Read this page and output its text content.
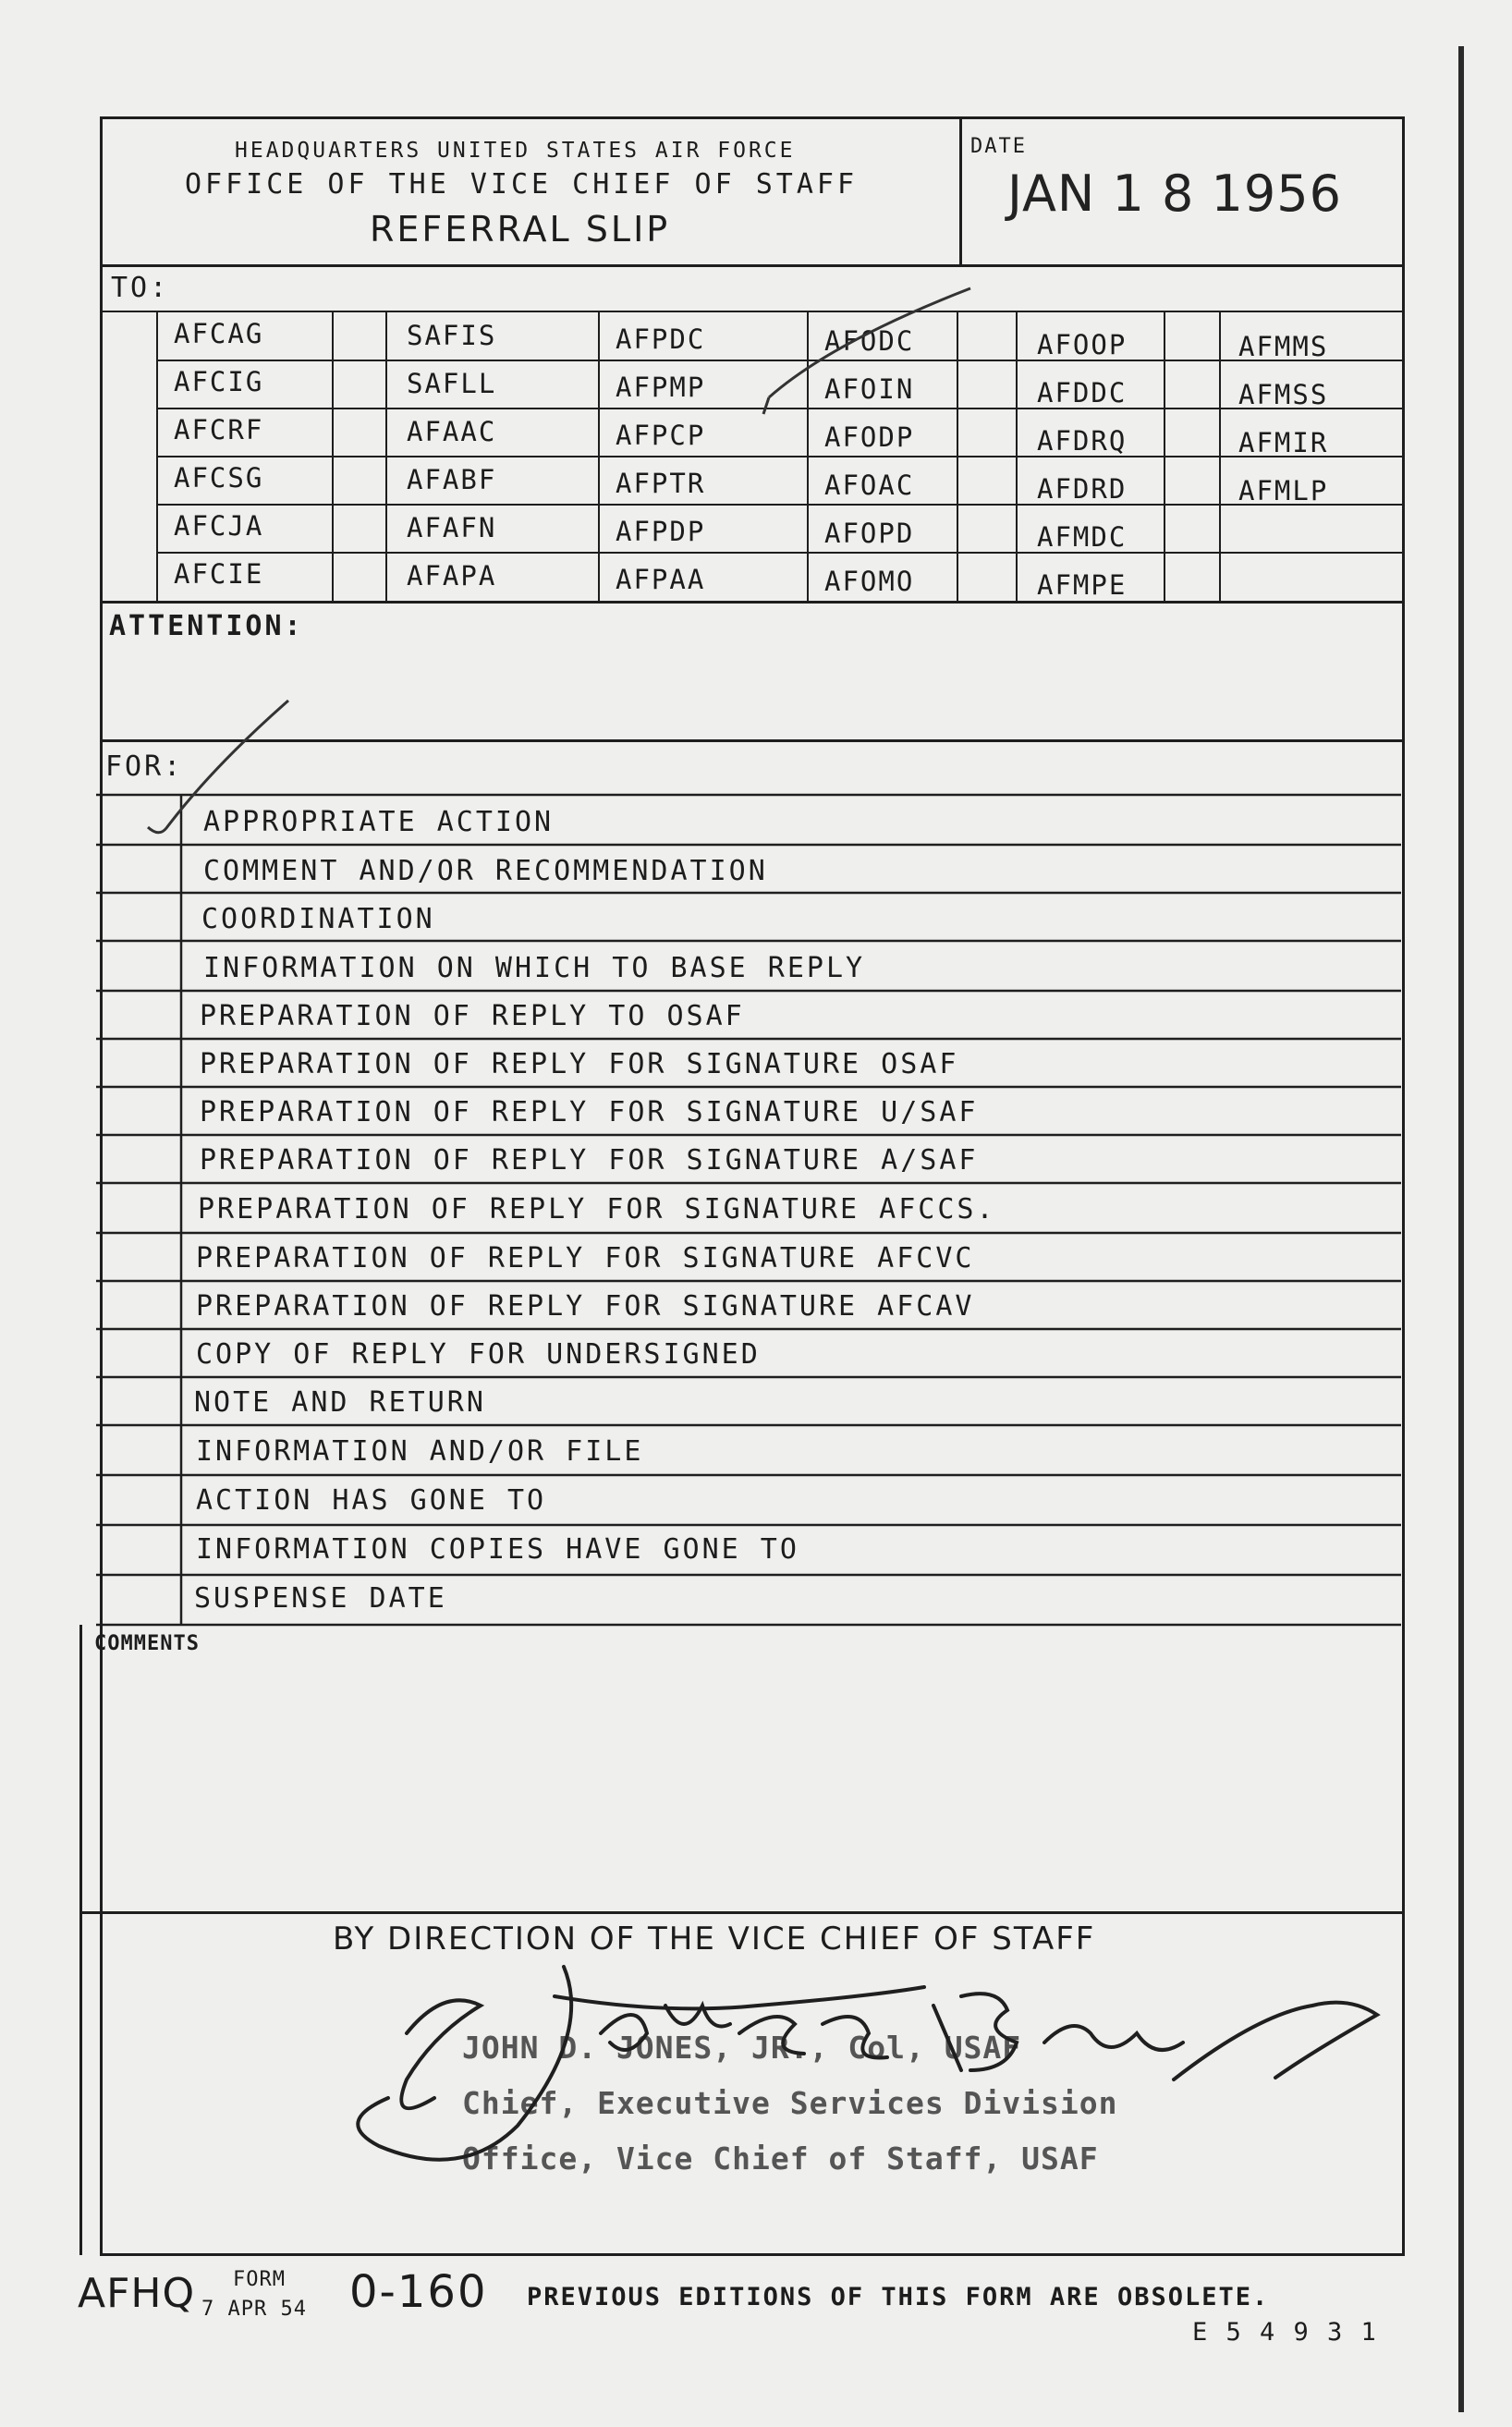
HEADQUARTERS UNITED STATES AIR FORCE
OFFICE OF THE VICE CHIEF OF STAFF
REFERRAL SLIP
DATE
JAN 1 8 1956
TO:
AFCAG
AFCIG
AFCRF
AFCSG
AFCJA
AFCIE
SAFIS
SAFLL
AFAAC
AFABF
AFAFN
AFAPA
AFPDC
AFPMP
AFPCP
AFPTR
AFPDP
AFPAA
AFODC
AFOIN
AFODP
AFOAC
AFOPD
AFOMO
AFOOP
AFDDC
AFDRQ
AFDRD
AFMDC
AFMPE
AFMMS
AFMSS
AFMIR
AFMLP
ATTENTION:
FOR:
APPROPRIATE ACTION
COMMENT AND/OR RECOMMENDATION
COORDINATION
INFORMATION ON WHICH TO BASE REPLY
PREPARATION OF REPLY TO OSAF
PREPARATION OF REPLY FOR SIGNATURE OSAF
PREPARATION OF REPLY FOR SIGNATURE U/SAF
PREPARATION OF REPLY FOR SIGNATURE A/SAF
PREPARATION OF REPLY FOR SIGNATURE AFCCS.
PREPARATION OF REPLY FOR SIGNATURE AFCVC
PREPARATION OF REPLY FOR SIGNATURE AFCAV
COPY OF REPLY FOR UNDERSIGNED
NOTE AND RETURN
INFORMATION AND/OR FILE
ACTION HAS GONE TO
INFORMATION COPIES HAVE GONE TO
SUSPENSE DATE
COMMENTS
BY DIRECTION OF THE VICE CHIEF OF STAFF
JOHN D. JONES, JR., Col, USAF
Chief, Executive Services Division
Office, Vice Chief of Staff, USAF
AFHQ FORM
7 APR 54 0-160 PREVIOUS EDITIONS OF THIS FORM ARE OBSOLETE.
E 5 4 9 3 1
